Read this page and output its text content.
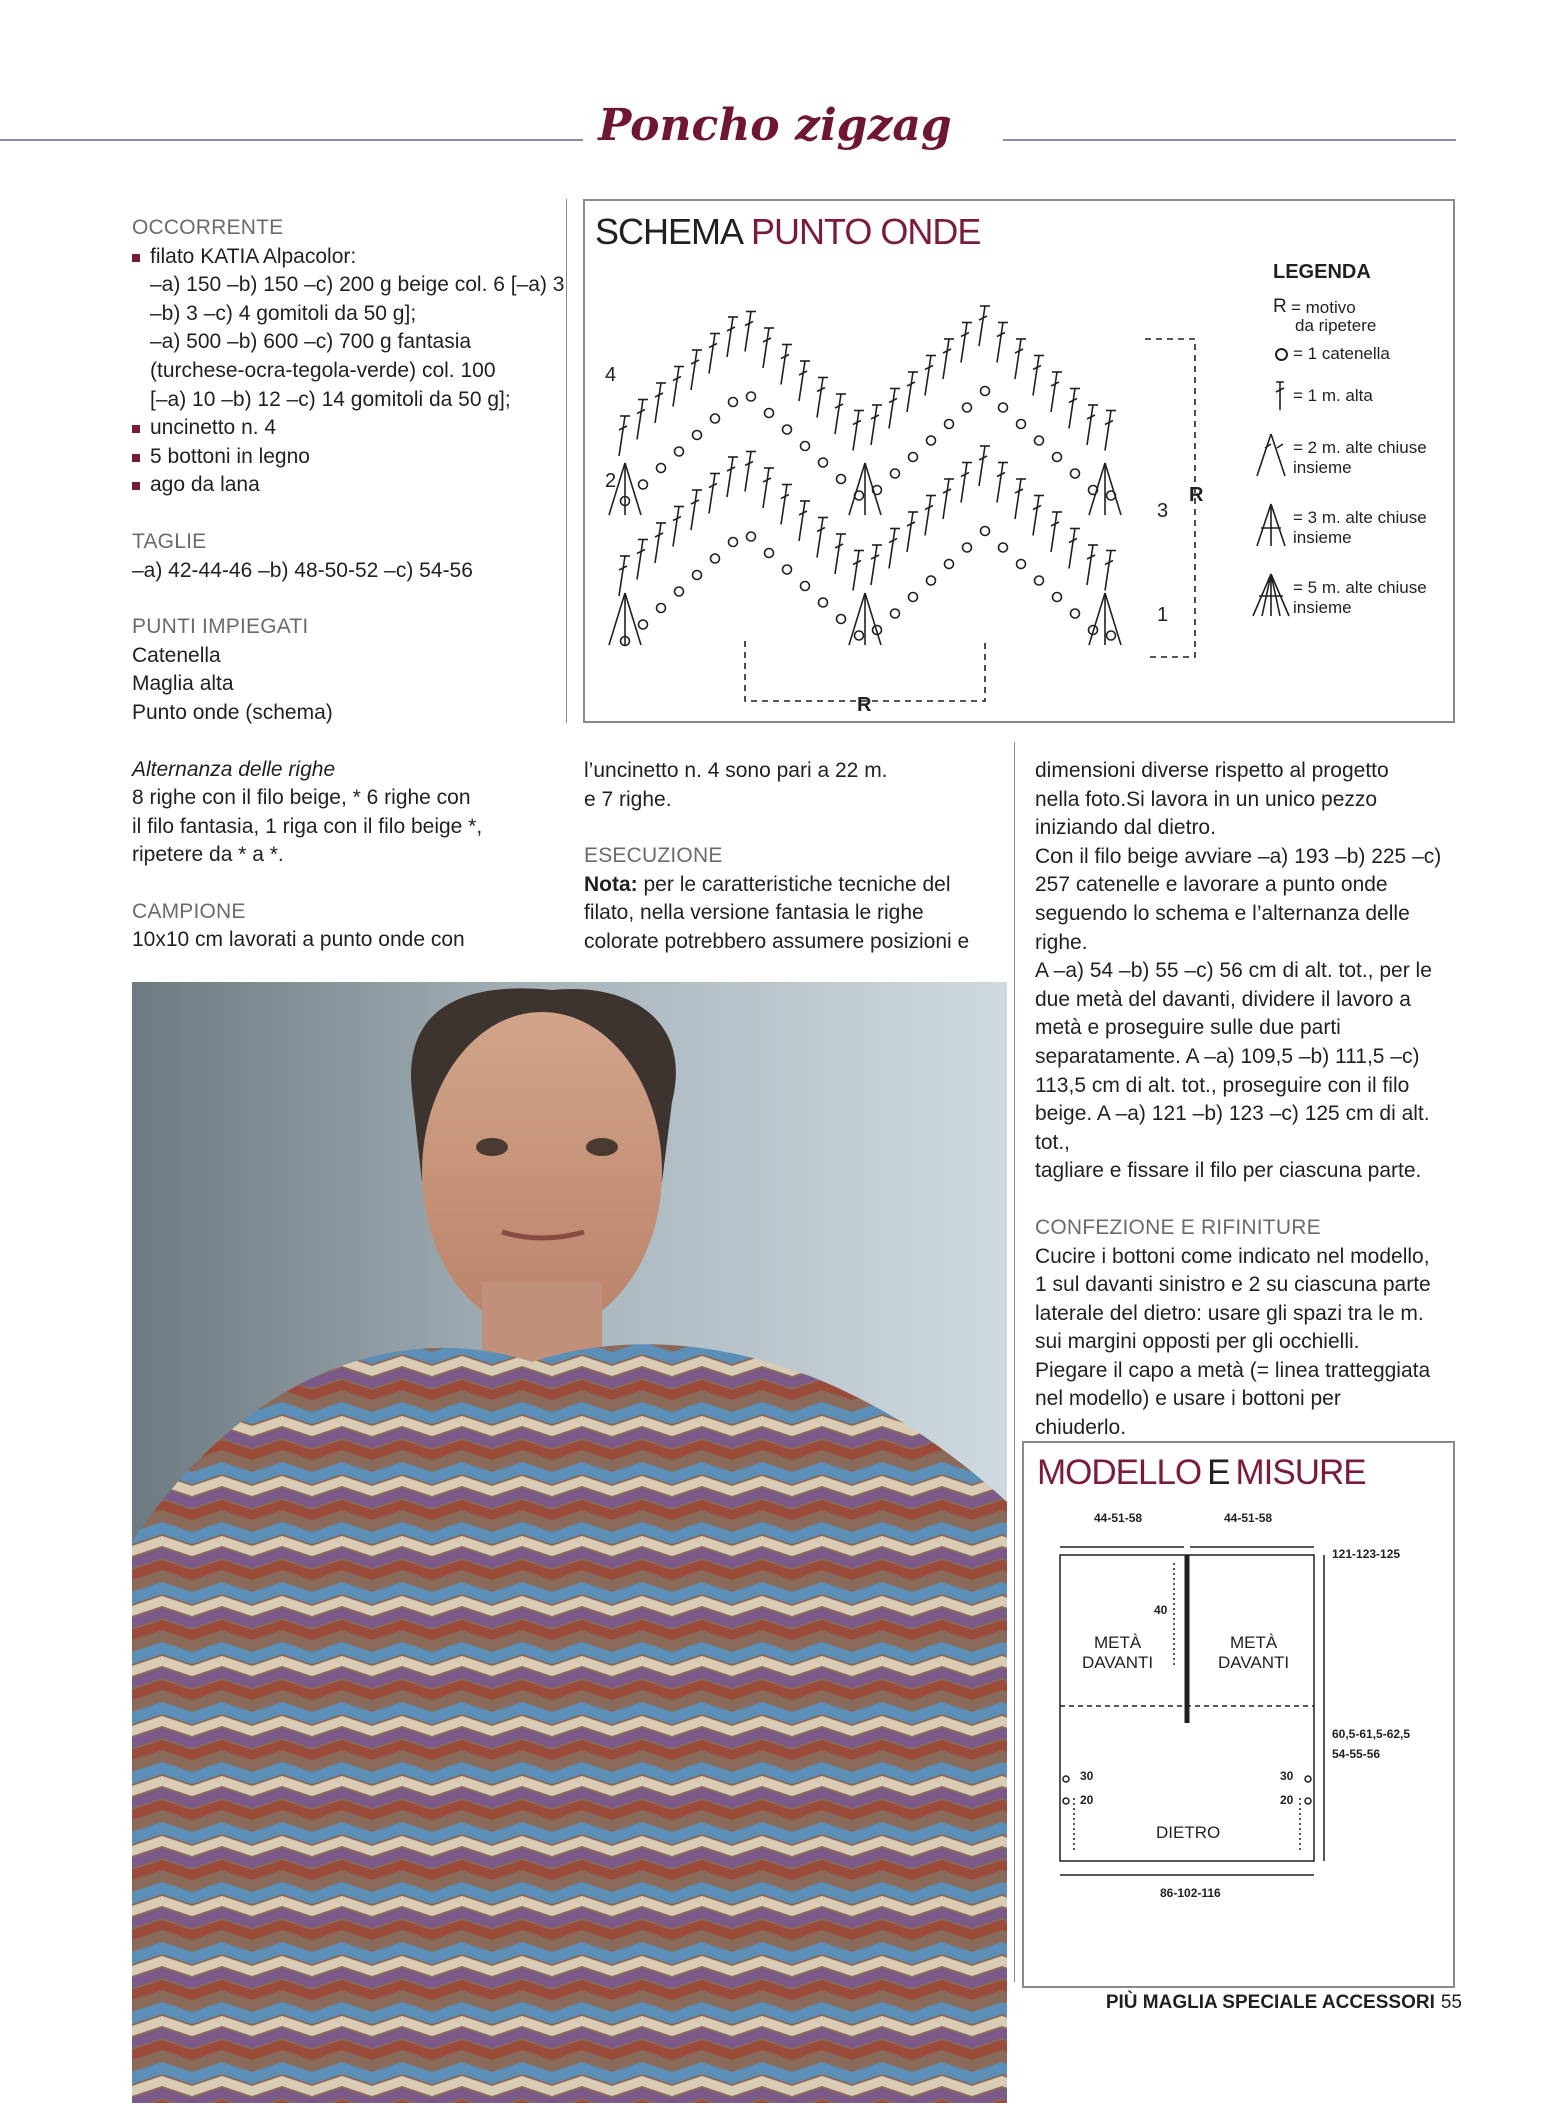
Poncho zigzag
OCCORRENTE
filato KATIA Alpacolor:
–a) 150 –b) 150 –c) 200 g beige col. 6 [–a) 3
–b) 3 –c) 4 gomitoli da 50 g];
–a) 500 –b) 600 –c) 700 g fantasia
(turchese-ocra-tegola-verde) col. 100
[–a) 10 –b) 12 –c) 14 gomitoli da 50 g];
uncinetto n. 4
5 bottoni in legno
ago da lana
TAGLIE
–a) 42-44-46 –b) 48-50-52 –c) 54-56
PUNTI IMPIEGATI
Catenella
Maglia alta
Punto onde (schema)
Alternanza delle righe
8 righe con il filo beige, * 6 righe con
il filo fantasia, 1 riga con il filo beige *,
ripetere da * a *.
CAMPIONE
10x10 cm lavorati a punto onde con
SCHEMA PUNTO ONDE
4
3
2
1
R
R
LEGENDA
R = motivo
da ripetere
= 1 catenella
= 1 m. alta
= 2 m. alte chiuse
insieme
= 3 m. alte chiuse
insieme
= 5 m. alte chiuse
insieme
l’uncinetto n. 4 sono pari a 22 m.
e 7 righe.
ESECUZIONE
Nota: per le caratteristiche tecniche del
filato, nella versione fantasia le righe
colorate potrebbero assumere posizioni e
dimensioni diverse rispetto al progetto
nella foto.Si lavora in un unico pezzo
iniziando dal dietro.
Con il filo beige avviare –a) 193 –b) 225 –c)
257 catenelle e lavorare a punto onde
seguendo lo schema e l’alternanza delle
righe.
A –a) 54 –b) 55 –c) 56 cm di alt. tot., per le
due metà del davanti, dividere il lavoro a
metà e proseguire sulle due parti
separatamente. A –a) 109,5 –b) 111,5 –c)
113,5 cm di alt. tot., proseguire con il filo
beige. A –a) 121 –b) 123 –c) 125 cm di alt. tot.,
tagliare e fissare il filo per ciascuna parte.
CONFEZIONE E RIFINITURE
Cucire i bottoni come indicato nel modello,
1 sul davanti sinistro e 2 su ciascuna parte
laterale del dietro: usare gli spazi tra le m.
sui margini opposti per gli occhielli.
Piegare il capo a metà (= linea tratteggiata
nel modello) e usare i bottoni per
chiuderlo.
MODELLO E MISURE
44-51-58	44-51-58
121-123-125
40
60,5-61,5-62,5
54-55-56
METÀ
DAVANTI
METÀ
DAVANTI
DIETRO
30
20
30
20
86-102-116
PIÙ MAGLIA SPECIALE ACCESSORI 55
